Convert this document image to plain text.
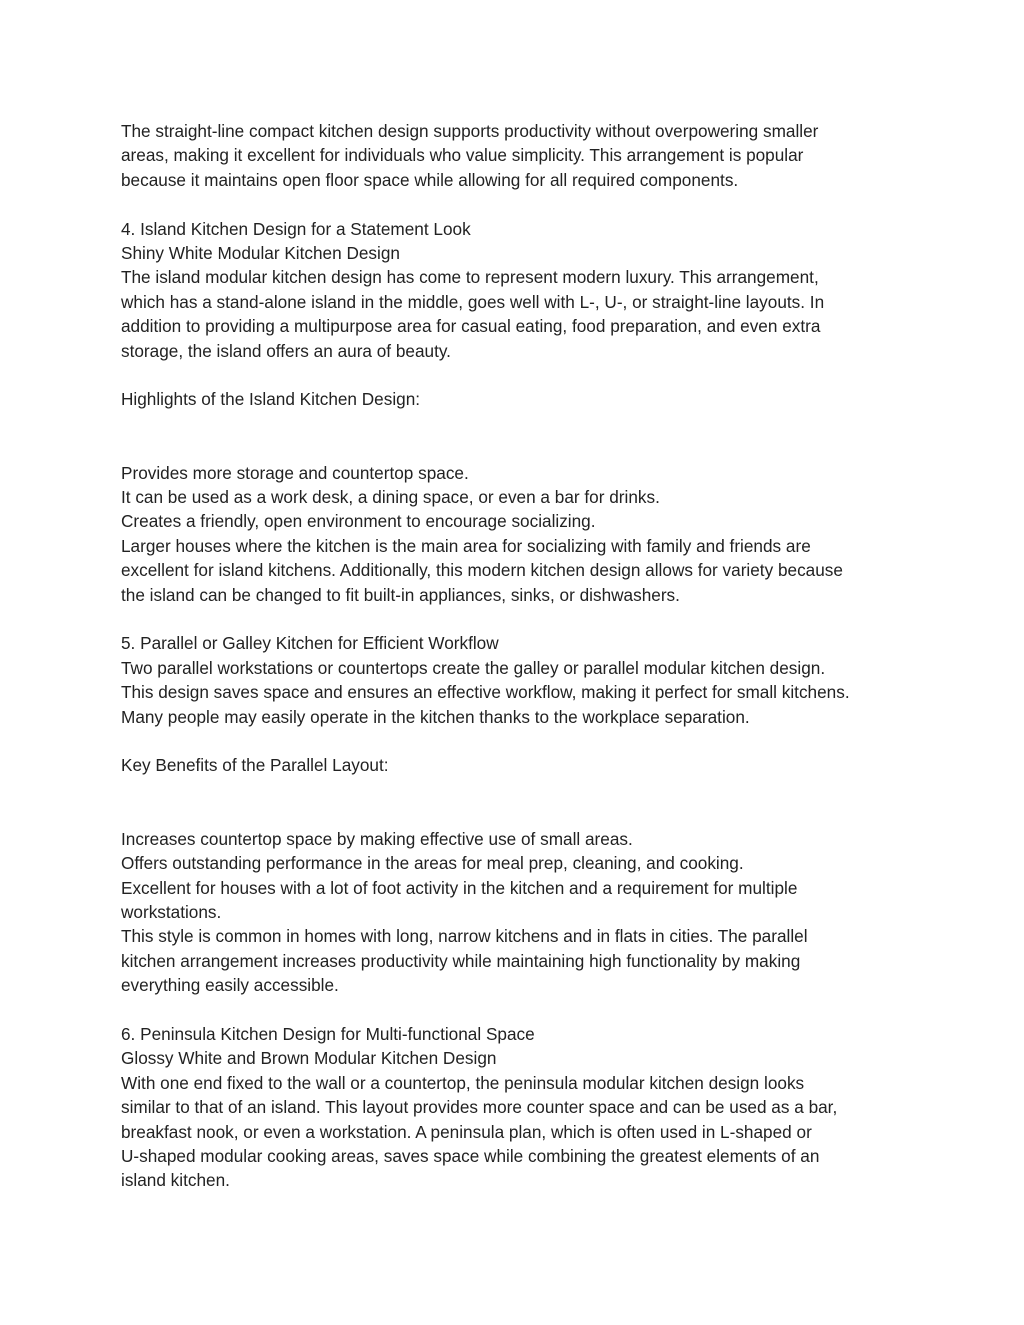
The straight-line compact kitchen design supports productivity without overpowering smaller

areas, making it excellent for individuals who value simplicity. This arrangement is popular

because it maintains open floor space while allowing for all required components.

4. Island Kitchen Design for a Statement Look

Shiny White Modular Kitchen Design

The island modular kitchen design has come to represent modern luxury. This arrangement,

which has a stand-alone island in the middle, goes well with L-, U-, or straight-line layouts. In

addition to providing a multipurpose area for casual eating, food preparation, and even extra

storage, the island offers an aura of beauty.

Highlights of the Island Kitchen Design:

Provides more storage and countertop space.

It can be used as a work desk, a dining space, or even a bar for drinks.

Creates a friendly, open environment to encourage socializing.

Larger houses where the kitchen is the main area for socializing with family and friends are

excellent for island kitchens. Additionally, this modern kitchen design allows for variety because

the island can be changed to fit built-in appliances, sinks, or dishwashers.

5. Parallel or Galley Kitchen for Efficient Workflow

Two parallel workstations or countertops create the galley or parallel modular kitchen design.

This design saves space and ensures an effective workflow, making it perfect for small kitchens.

Many people may easily operate in the kitchen thanks to the workplace separation.

Key Benefits of the Parallel Layout:

Increases countertop space by making effective use of small areas.

Offers outstanding performance in the areas for meal prep, cleaning, and cooking.

Excellent for houses with a lot of foot activity in the kitchen and a requirement for multiple

workstations.

This style is common in homes with long, narrow kitchens and in flats in cities. The parallel

kitchen arrangement increases productivity while maintaining high functionality by making

everything easily accessible.

6. Peninsula Kitchen Design for Multi-functional Space

Glossy White and Brown Modular Kitchen Design

With one end fixed to the wall or a countertop, the peninsula modular kitchen design looks

similar to that of an island. This layout provides more counter space and can be used as a bar,

breakfast nook, or even a workstation. A peninsula plan, which is often used in L-shaped or

U-shaped modular cooking areas, saves space while combining the greatest elements of an

island kitchen.
